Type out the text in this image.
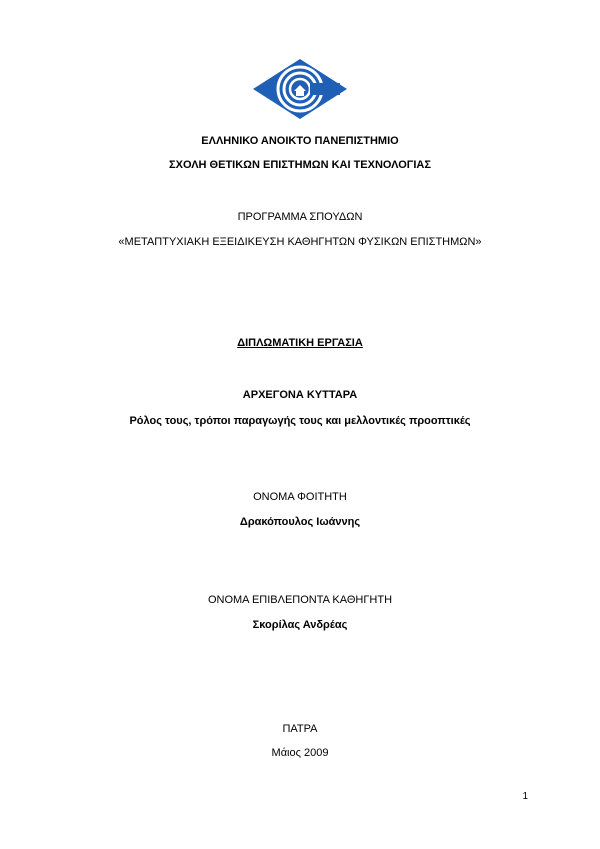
ΕΛΛΗΝΙΚΟ ΑΝΟΙΚΤΟ ΠΑΝΕΠΙΣΤΗΜΙΟ
ΣΧΟΛΗ ΘΕΤΙΚΩΝ ΕΠΙΣΤΗΜΩΝ ΚΑΙ ΤΕΧΝΟΛΟΓΙΑΣ
ΠΡΟΓΡΑΜΜΑ ΣΠΟΥΔΩΝ
«ΜΕΤΑΠΤΥΧΙΑΚΗ ΕΞΕΙΔΙΚΕΥΣΗ ΚΑΘΗΓΗΤΩΝ ΦΥΣΙΚΩΝ ΕΠΙΣΤΗΜΩΝ»
ΔΙΠΛΩΜΑΤΙΚΗ ΕΡΓΑΣΙΑ
ΑΡΧΕΓΟΝΑ ΚΥΤΤΑΡΑ
Ρόλος τους, τρόποι παραγωγής τους και μελλοντικές προοπτικές
ΟΝΟΜΑ ΦΟΙΤΗΤΗ
Δρακόπουλος Ιωάννης
ΟΝΟΜΑ ΕΠΙΒΛΕΠΟΝΤΑ ΚΑΘΗΓΗΤΗ
Σκορίλας Ανδρέας
ΠΑΤΡΑ
Μάιος 2009
1
